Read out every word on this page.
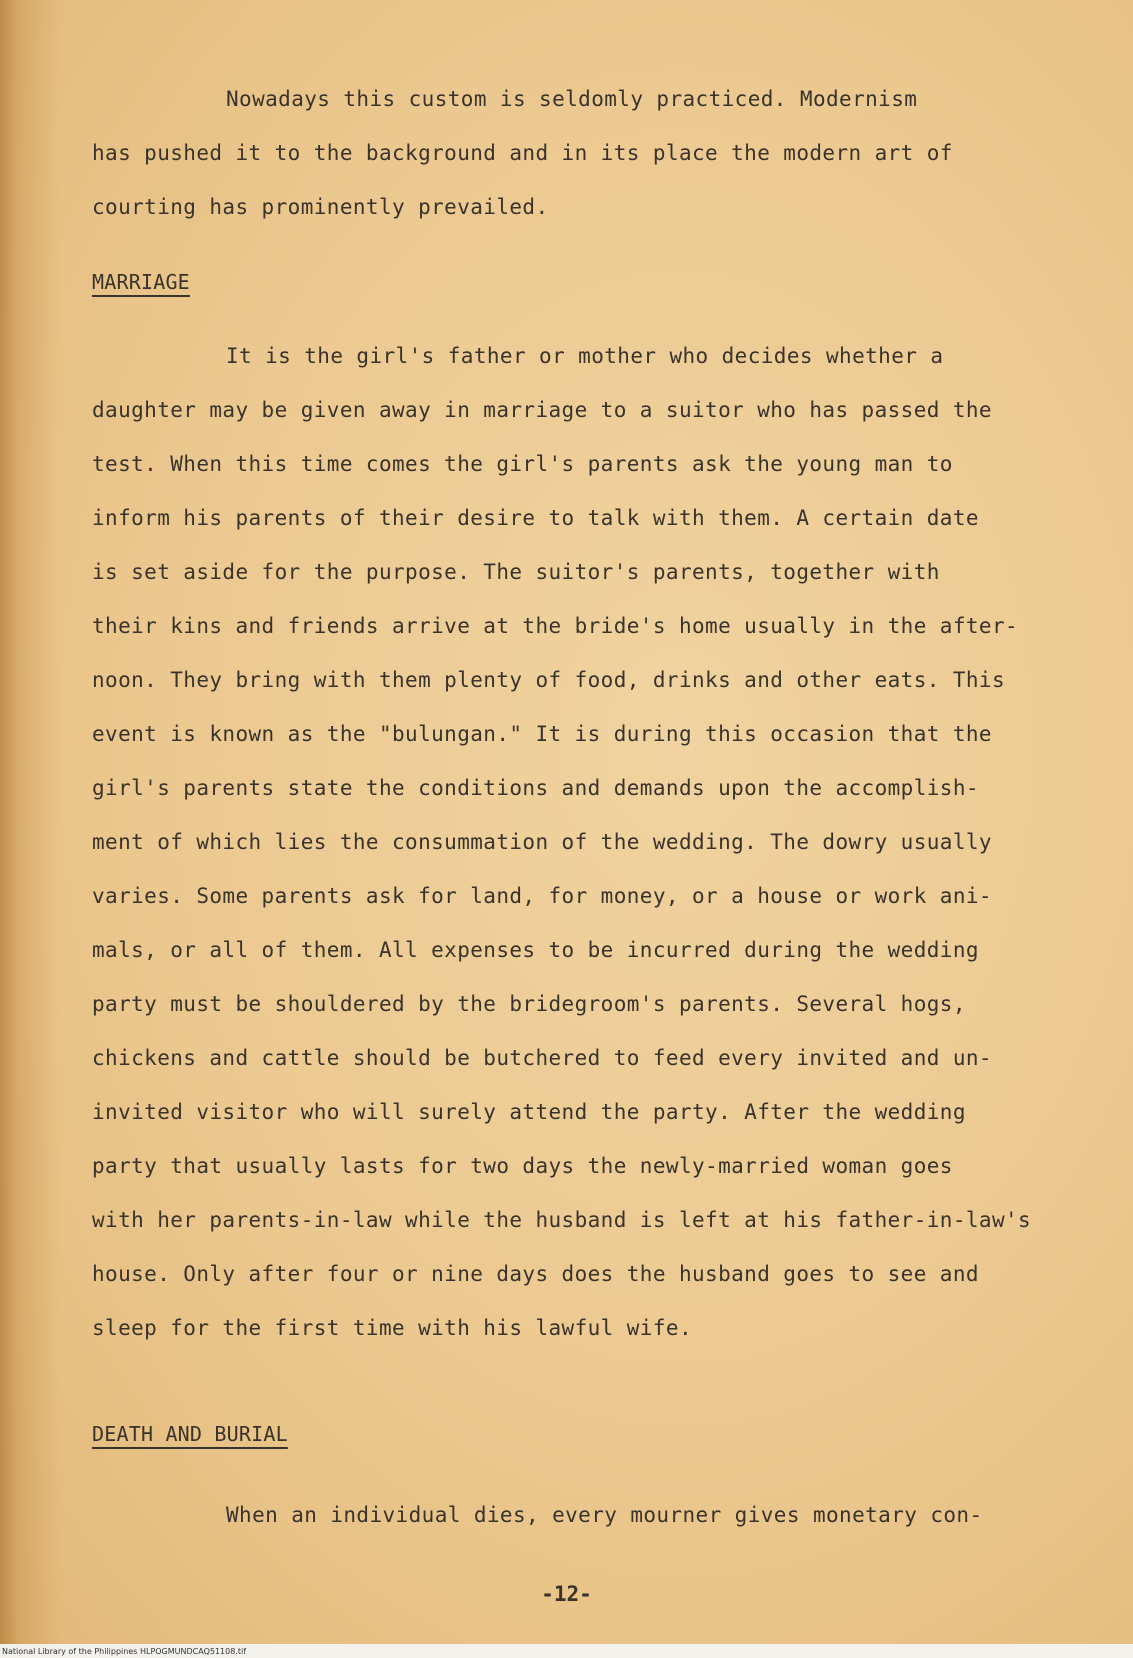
Nowadays this custom is seldomly practiced. Modernism
has pushed it to the background and in its place the modern art of
courting has prominently prevailed.
MARRIAGE
It is the girl's father or mother who decides whether a
daughter may be given away in marriage to a suitor who has passed the
test. When this time comes the girl's parents ask the young man to
inform his parents of their desire to talk with them. A certain date
is set aside for the purpose. The suitor's parents, together with
their kins and friends arrive at the bride's home usually in the after-
noon. They bring with them plenty of food, drinks and other eats. This
event is known as the "bulungan." It is during this occasion that the
girl's parents state the conditions and demands upon the accomplish-
ment of which lies the consummation of the wedding. The dowry usually
varies. Some parents ask for land, for money, or a house or work ani-
mals, or all of them. All expenses to be incurred during the wedding
party must be shouldered by the bridegroom's parents. Several hogs,
chickens and cattle should be butchered to feed every invited and un-
invited visitor who will surely attend the party. After the wedding
party that usually lasts for two days the newly-married woman goes
with her parents-in-law while the husband is left at his father-in-law's
house. Only after four or nine days does the husband goes to see and
sleep for the first time with his lawful wife.
DEATH AND BURIAL
When an individual dies, every mourner gives monetary con-
-12-
National Library of the Philippines HLPOGMUNDCAQ51108.tif
